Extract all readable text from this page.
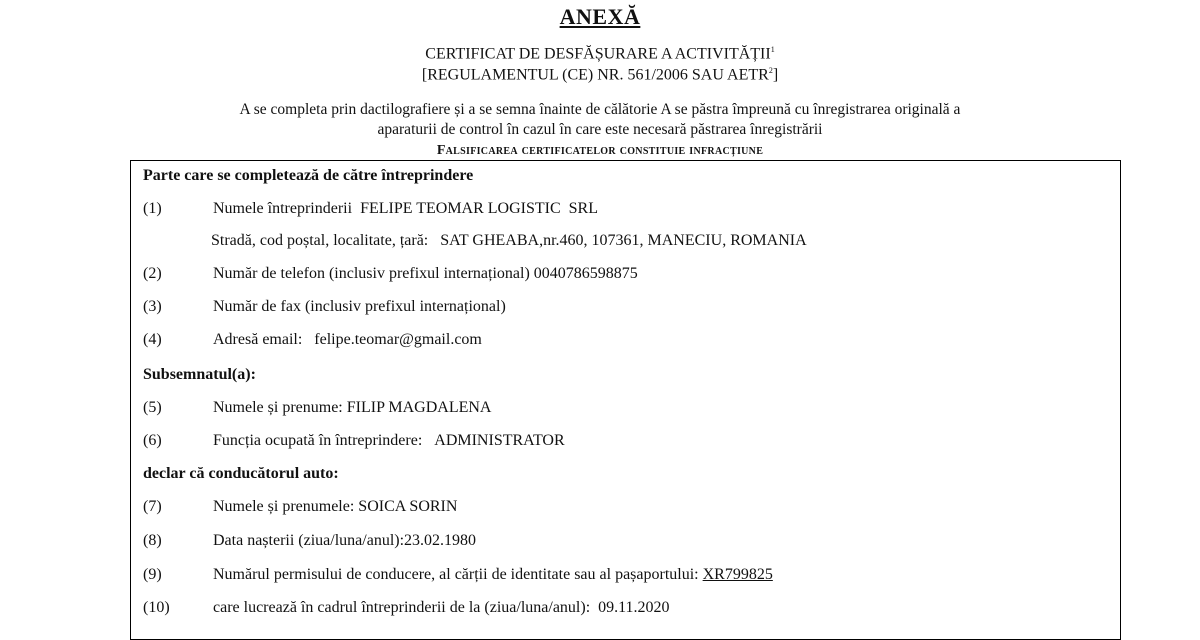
ANEXĂ
CERTIFICAT DE DESFĂȘURARE A ACTIVITĂȚII$^1$
[REGULAMENTUL (CE) NR. 561/2006 SAU AETR$^2$]
A se completa prin dactilografiere și a se semna înainte de călătorie A se păstra împreună cu înregistrarea originală a
aparaturii de control în cazul în care este necesară păstrarea înregistrării
Falsificarea certificatelor constituie infracțiune
Parte care se completează de către întreprindere
(1)	Numele întreprinderii FELIPE TEOMAR LOGISTIC  SRL
Stradă, cod poștal, localitate, țară: SAT GHEABA,nr.460, 107361, MANECIU, ROMANIA
(2)	Număr de telefon (inclusiv prefixul internațional) 0040786598875
(3)	Număr de fax (inclusiv prefixul internațional)
(4)	Adresă email: felipe.teomar@gmail.com
Subsemnatul(a):
(5)	Numele și prenume: FILIP MAGDALENA
(6)	Funcția ocupată în întreprindere: ADMINISTRATOR
declar că conducătorul auto:
(7)	Numele și prenumele: SOICA SORIN
(8)	Data nașterii (ziua/luna/anul):23.02.1980
(9)	Numărul permisului de conducere, al cărții de identitate sau al pașaportului: XR799825
(10)	care lucrează în cadrul întreprinderii de la (ziua/luna/anul): 09.11.2020
